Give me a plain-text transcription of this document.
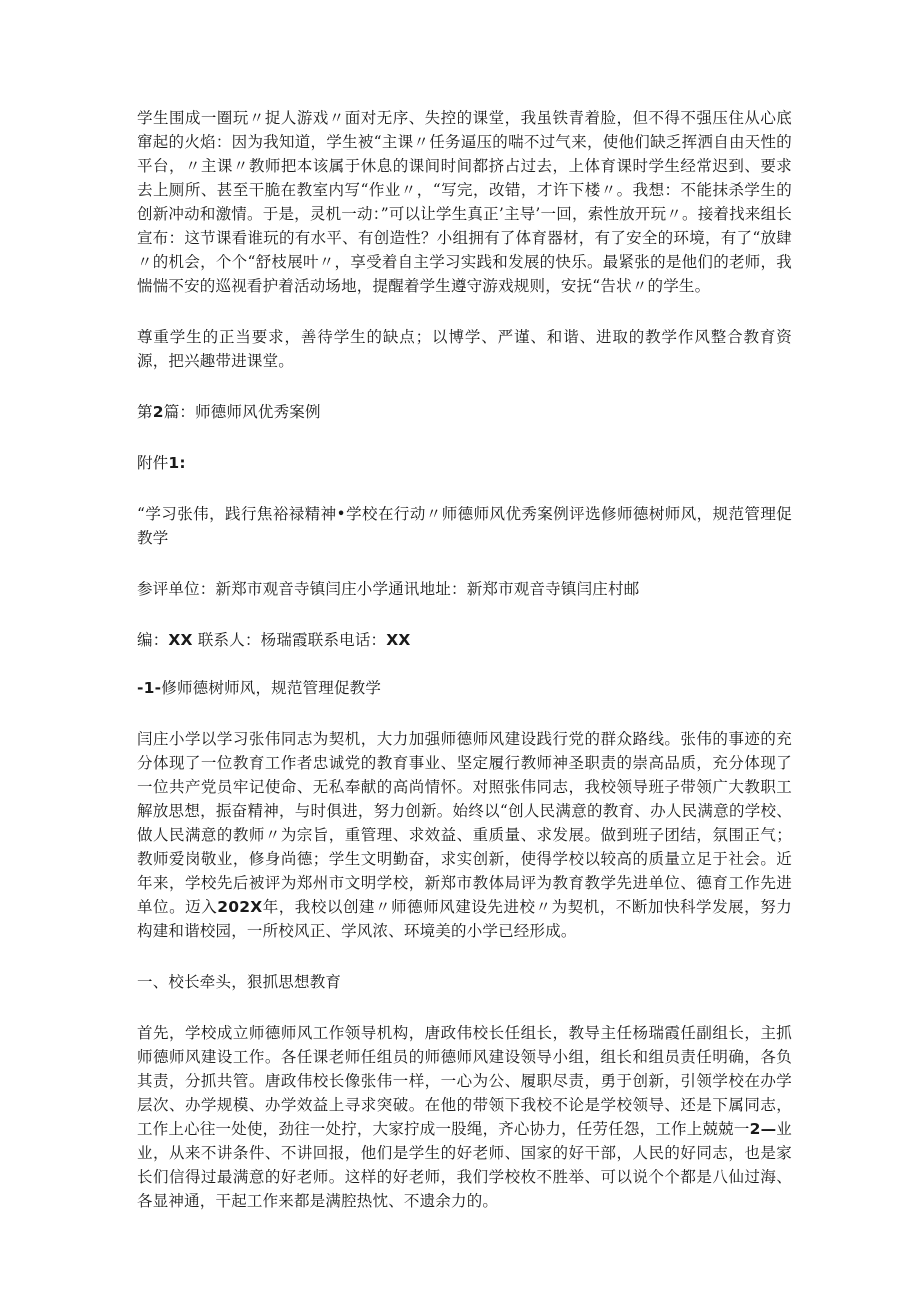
学生围成一圈玩〃捉人游戏〃面对无序、失控的课堂，我虽铁青着脸，但不得不强压住从心底窜起的火焰：因为我知道，学生被“主课〃任务逼压的喘不过气来，使他们缺乏挥洒自由天性的平台，〃主课〃教师把本该属于休息的课间时间都挤占过去，上体育课时学生经常迟到、要求去上厕所、甚至干脆在教室内写“作业〃，“写完，改错，才许下楼〃。我想：不能抹杀学生的创新冲动和激情。于是，灵机一动：”可以让学生真正’主导’一回，索性放开玩〃。接着找来组长宣布：这节课看谁玩的有水平、有创造性？小组拥有了体育器材，有了安全的环境，有了“放肆〃的机会，个个“舒枝展叶〃，享受着自主学习实践和发展的快乐。最紧张的是他们的老师，我惴惴不安的巡视看护着活动场地，提醒着学生遵守游戏规则，安抚“告状〃的学生。

尊重学生的正当要求，善待学生的缺点；以博学、严谨、和谐、进取的教学作风整合教育资源，把兴趣带进课堂。

第2篇：师德师风优秀案例

附件1:

“学习张伟，践行焦裕禄精神•学校在行动〃师德师风优秀案例评选修师德树师风，规范管理促教学

参评单位：新郑市观音寺镇闫庄小学通讯地址：新郑市观音寺镇闫庄村邮

编：XX 联系人：杨瑞霞联系电话：XX

-1-修师德树师风，规范管理促教学

闫庄小学以学习张伟同志为契机，大力加强师德师风建设践行党的群众路线。张伟的事迹的充分体现了一位教育工作者忠诚党的教育事业、坚定履行教师神圣职责的崇高品质，充分体现了一位共产党员牢记使命、无私奉献的高尚情怀。对照张伟同志，我校领导班子带领广大教职工解放思想，振奋精神，与时俱进，努力创新。始终以“创人民满意的教育、办人民满意的学校、做人民满意的教师〃为宗旨，重管理、求效益、重质量、求发展。做到班子团结，氛围正气；教师爱岗敬业，修身尚德；学生文明勤奋，求实创新，使得学校以较高的质量立足于社会。近年来，学校先后被评为郑州市文明学校，新郑市教体局评为教育教学先进单位、德育工作先进单位。迈入202X年，我校以创建〃师德师风建设先进校〃为契机，不断加快科学发展，努力构建和谐校园，一所校风正、学风浓、环境美的小学已经形成。

一、校长牵头，狠抓思想教育

首先，学校成立师德师风工作领导机构，唐政伟校长任组长，教导主任杨瑞霞任副组长，主抓师德师风建设工作。各任课老师任组员的师德师风建设领导小组，组长和组员责任明确，各负其责，分抓共管。唐政伟校长像张伟一样，一心为公、履职尽责，勇于创新，引领学校在办学层次、办学规模、办学效益上寻求突破。在他的带领下我校不论是学校领导、还是下属同志，工作上心往一处使，劲往一处拧，大家拧成一股绳，齐心协力，任劳任怨，工作上兢兢一2—业业，从来不讲条件、不讲回报，他们是学生的好老师、国家的好干部，人民的好同志，也是家长们信得过最满意的好老师。这样的好老师，我们学校枚不胜举、可以说个个都是八仙过海、各显神通，干起工作来都是满腔热忱、不遗余力的。
